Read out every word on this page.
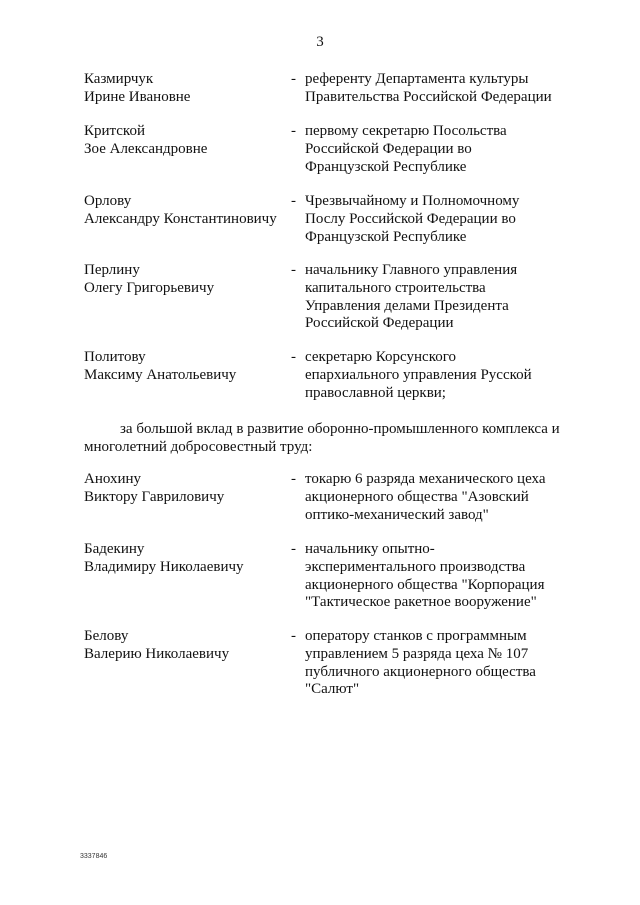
3
Казмирчук
Ирине Ивановне
- референту Департамента культуры
Правительства Российской Федерации
Критской
Зое Александровне
- первому секретарю Посольства
Российской Федерации во
Французской Республике
Орлову
Александру Константиновичу
- Чрезвычайному и Полномочному
Послу Российской Федерации во
Французской Республике
Перлину
Олегу Григорьевичу
- начальнику Главного управления
капитального строительства
Управления делами Президента
Российской Федерации
Политову
Максиму Анатольевичу
- секретарю Корсунского
епархиального управления Русской
православной церкви;
Анохину
Виктору Гавриловичу
- токарю 6 разряда механического цеха
акционерного общества "Азовский
оптико-механический завод"
Бадекину
Владимиру Николаевичу
- начальнику опытно-
экспериментального производства
акционерного общества "Корпорация
"Тактическое ракетное вооружение"
Белову
Валерию Николаевичу
- оператору станков с программным
управлением 5 разряда цеха № 107
публичного акционерного общества
"Салют"
за большой вклад в развитие оборонно-промышленного комплекса и
многолетний добросовестный труд:
3337846
